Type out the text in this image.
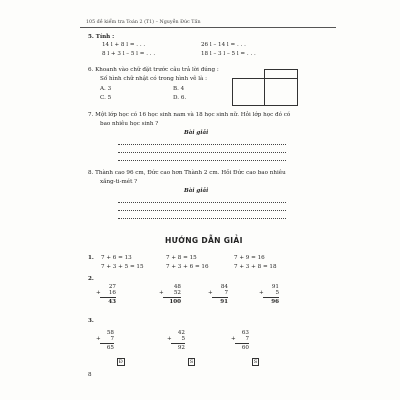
105 đề kiểm tra Toán 2 (T1) – Nguyễn Đức Tấn
5. Tính :
14 l + 8 l = . . .	26 l – 14 l = . . .
8 l + 3 l – 5 l = . . .	18 l – 3 l – 5 l = . . .
6. Khoanh vào chữ đặt trước câu trả lời đúng :
Số hình chữ nhật có trong hình vẽ là :
A. 3	B. 4
C. 5	D. 6.
7. Một lớp học có 16 học sinh nam và 18 học sinh nữ. Hỏi lớp học đó có
bao nhiêu học sinh ?
Bài giải
8. Thành cao 96 cm, Đức cao hơn Thành 2 cm. Hỏi Đức cao bao nhiêu
xăng-ti-mét ?
Bài giải
HƯỚNG DẪN GIẢI
1. 7 + 6 = 13	7 + 8 = 15	7 + 9 = 16
7 + 3 + 5 = 15	7 + 3 + 6 = 16	7 + 3 + 8 = 18
2.
+
27
16
43
+
48
52
100
+
84
7
91
+
91
5
96
3.
+
58
7
65
Đ
+
42
5
92
S
+
63
7
60
S
8
